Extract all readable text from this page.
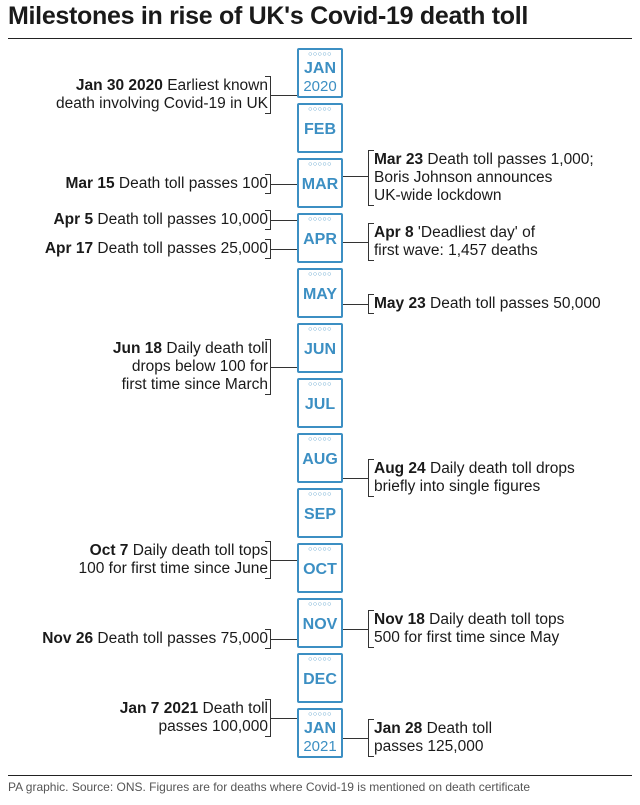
Milestones in rise of UK's Covid-19 death toll
○○○○○
JAN
2020
○○○○○
FEB
○○○○○
MAR
○○○○○
APR
○○○○○
MAY
○○○○○
JUN
○○○○○
JUL
○○○○○
AUG
○○○○○
SEP
○○○○○
OCT
○○○○○
NOV
○○○○○
DEC
○○○○○
JAN
2021
Jan 30 2020 Earliest known
death involving Covid-19 in UK
Mar 15 Death toll passes 100
Mar 23 Death toll passes 1,000;
Boris Johnson announces
UK-wide lockdown
Apr 5 Death toll passes 10,000
Apr 17 Death toll passes 25,000
Apr 8 'Deadliest day' of
first wave: 1,457 deaths
May 23 Death toll passes 50,000
Jun 18 Daily death toll
drops below 100 for
first time since March
Aug 24 Daily death toll drops
briefly into single figures
Oct 7 Daily death toll tops
100 for first time since June
Nov 18 Daily death toll tops
500 for first time since May
Nov 26 Death toll passes 75,000
Jan 7 2021 Death toll
passes 100,000	Jan 28 Death toll
passes 125,000
PA graphic. Source: ONS. Figures are for deaths where Covid-19 is mentioned on death certificate
